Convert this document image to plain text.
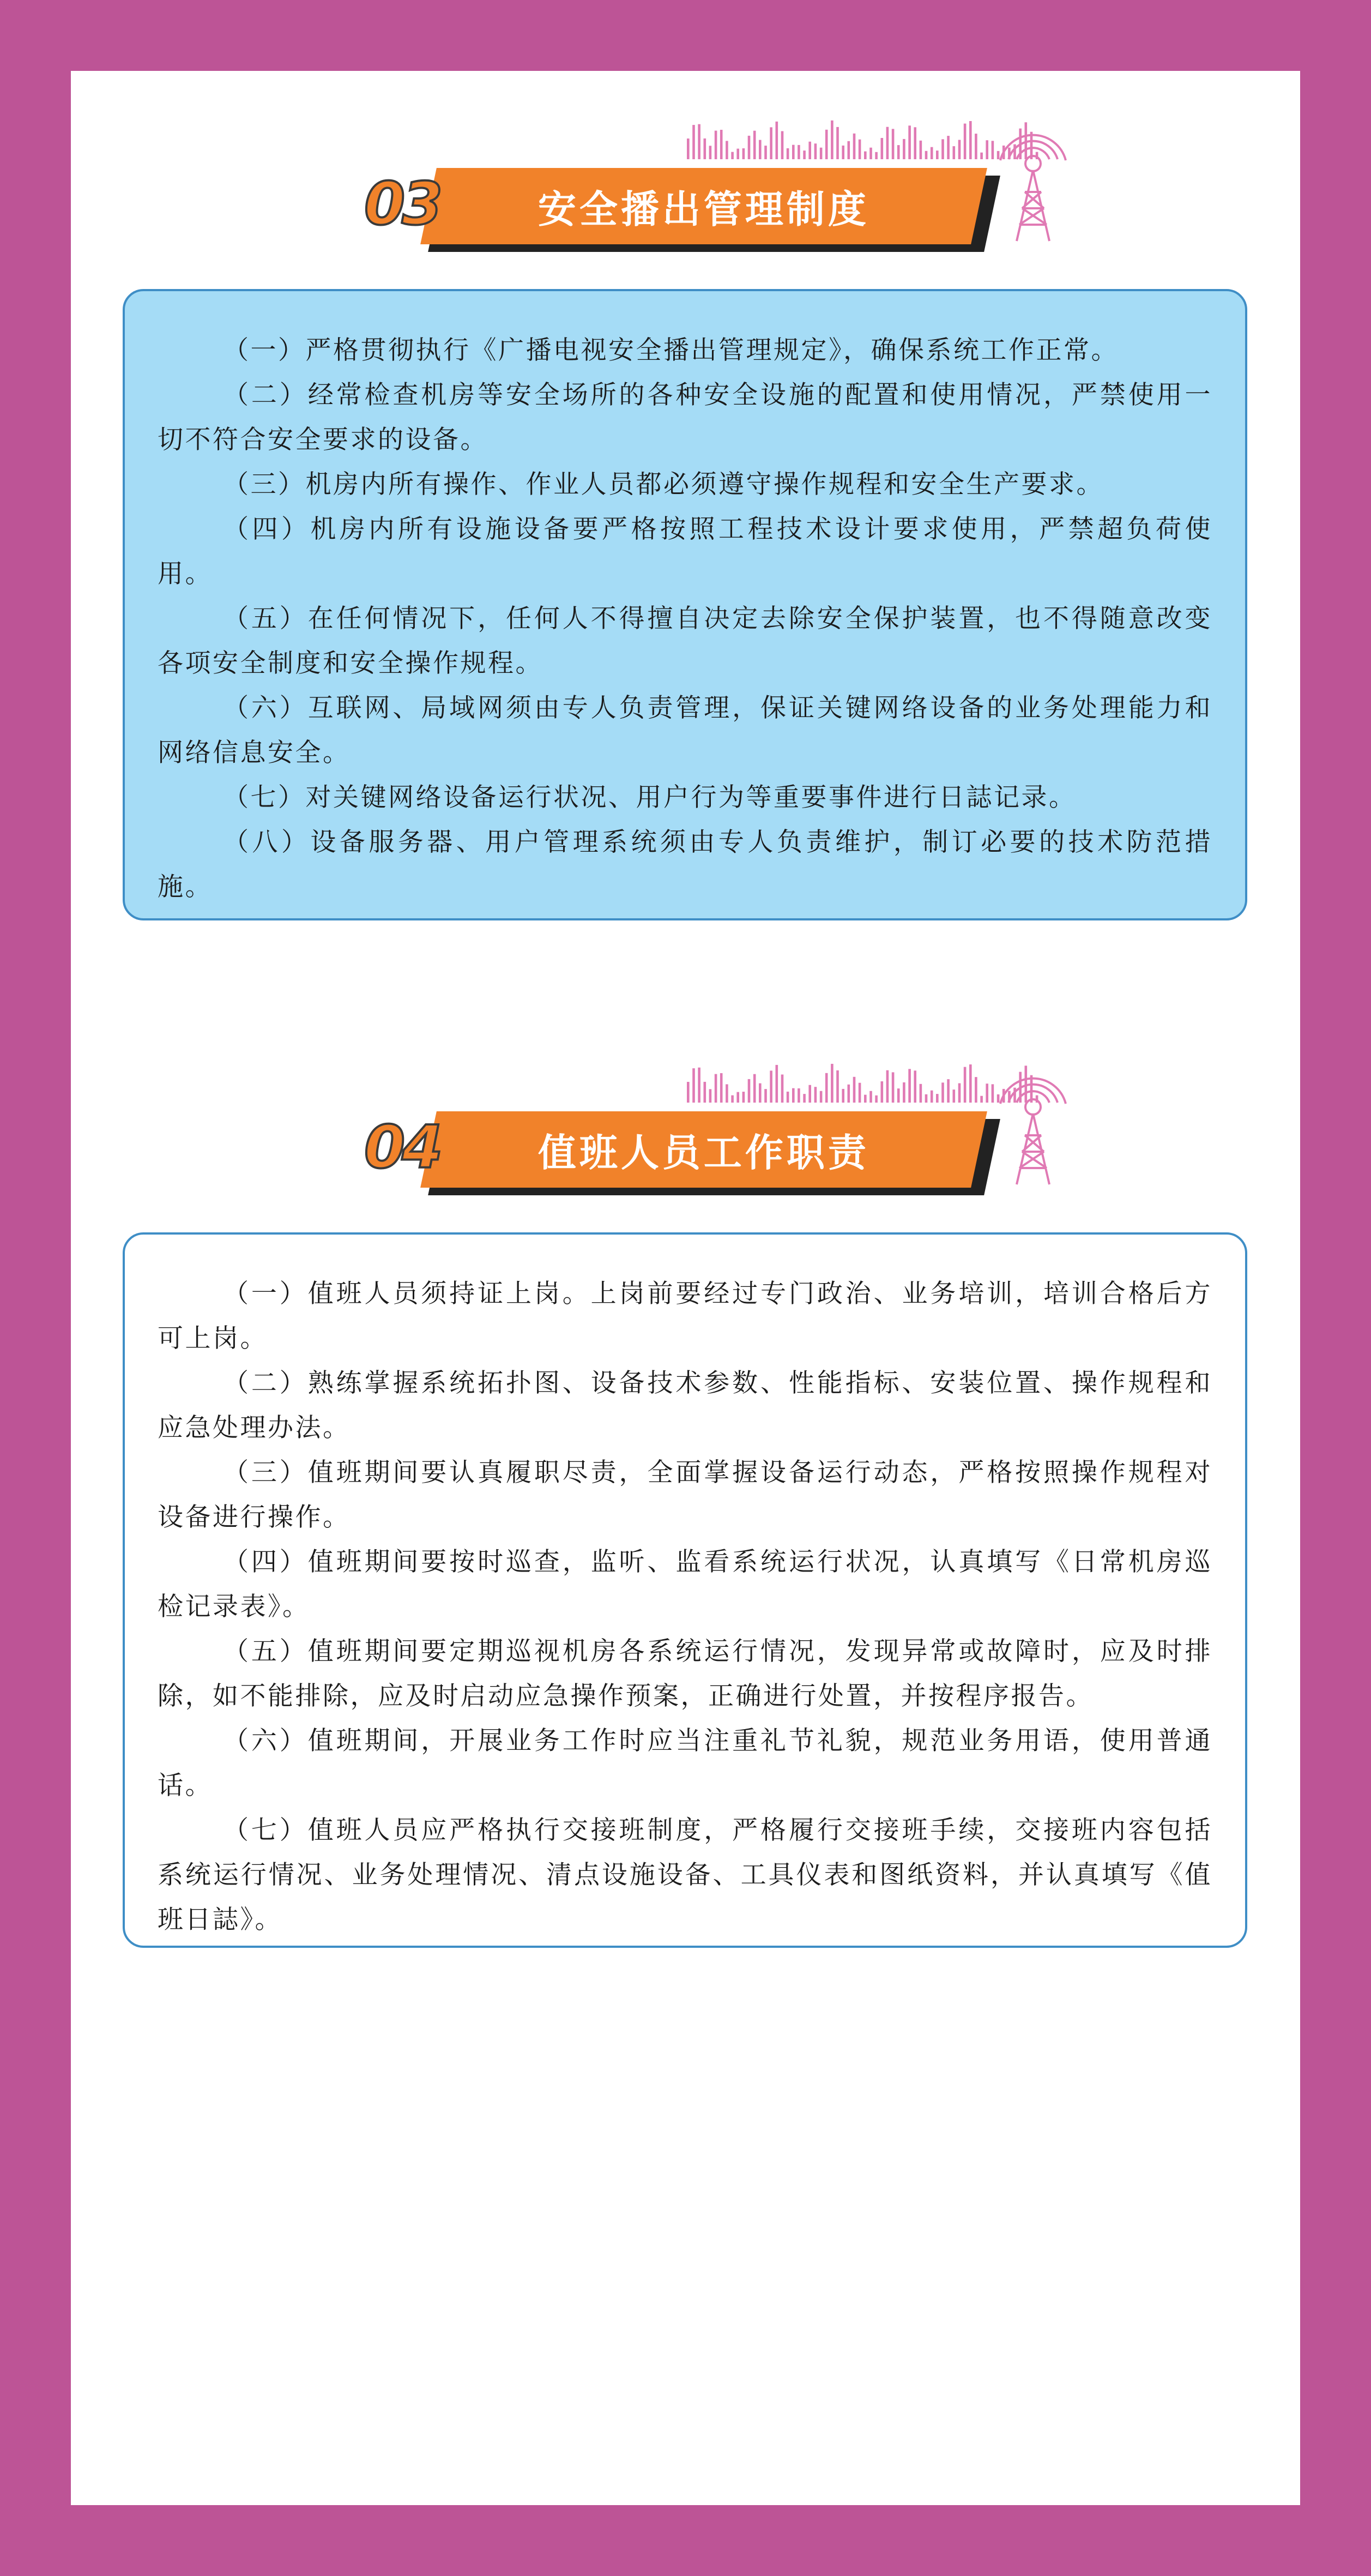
安全播出管理制度
03

（一）严格贯彻执行《广播电视安全播出管理规定》，确保系统工作正常。

（二）经常检查机房等安全场所的各种安全设施的配置和使用情况，严禁使用一切不符合安全要求的设备。

（三）机房内所有操作、作业人员都必须遵守操作规程和安全生产要求。

（四）机房内所有设施设备要严格按照工程技术设计要求使用，严禁超负荷使用。

（五）在任何情况下，任何人不得擅自决定去除安全保护装置，也不得随意改变各项安全制度和安全操作规程。

（六）互联网、局域网须由专人负责管理，保证关键网络设备的业务处理能力和网络信息安全。

（七）对关键网络设备运行状况、用户行为等重要事件进行日誌记录。

（八）设备服务器、用户管理系统须由专人负责维护，制订必要的技术防范措施。

值班人员工作职责
04

（一）值班人员须持证上岗。上岗前要经过专门政治、业务培训，培训合格后方可上岗。

（二）熟练掌握系统拓扑图、设备技术参数、性能指标、安装位置、操作规程和应急处理办法。

（三）值班期间要认真履职尽责，全面掌握设备运行动态，严格按照操作规程对设备进行操作。

（四）值班期间要按时巡查，监听、监看系统运行状况，认真填写《日常机房巡检记录表》。

（五）值班期间要定期巡视机房各系统运行情况，发现异常或故障时，应及时排除，如不能排除，应及时启动应急操作预案，正确进行处置，并按程序报告。

（六）值班期间，开展业务工作时应当注重礼节礼貌，规范业务用语，使用普通话。

（七）值班人员应严格执行交接班制度，严格履行交接班手续，交接班内容包括系统运行情况、业务处理情况、清点设施设备、工具仪表和图纸资料，并认真填写《值班日誌》。
